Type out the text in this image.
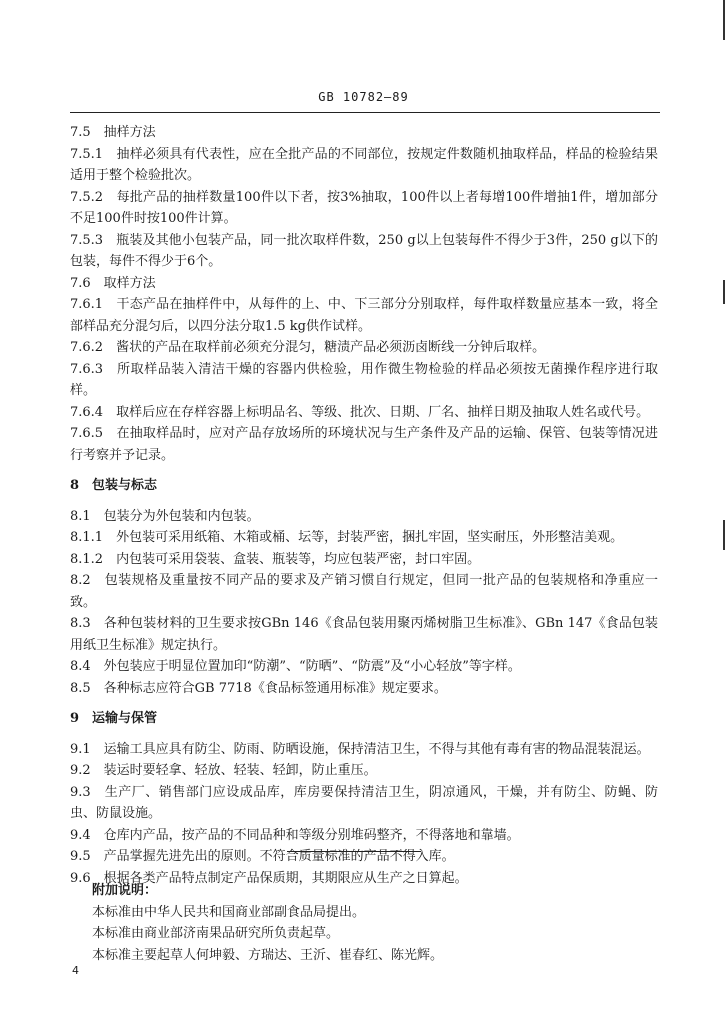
GB 10782—89

7.5　抽样方法

7.5.1　抽样必须具有代表性，应在全批产品的不同部位，按规定件数随机抽取样品，样品的检验结果适用于整个检验批次。

7.5.2　每批产品的抽样数量100件以下者，按3%抽取，100件以上者每增100件增抽1件，增加部分不足100件时按100件计算。

7.5.3　瓶装及其他小包装产品，同一批次取样件数，250 g以上包装每件不得少于3件，250 g以下的包装，每件不得少于6个。

7.6　取样方法

7.6.1　干态产品在抽样件中，从每件的上、中、下三部分分别取样，每件取样数量应基本一致，将全部样品充分混匀后，以四分法分取1.5 kg供作试样。

7.6.2　酱状的产品在取样前必须充分混匀，糖渍产品必须沥卤断线一分钟后取样。

7.6.3　所取样品装入清洁干燥的容器内供检验，用作微生物检验的样品必须按无菌操作程序进行取样。

7.6.4　取样后应在存样容器上标明品名、等级、批次、日期、厂名、抽样日期及抽取人姓名或代号。

7.6.5　在抽取样品时，应对产品存放场所的环境状况与生产条件及产品的运输、保管、包装等情况进行考察并予记录。

8　包装与标志

8.1　包装分为外包装和内包装。

8.1.1　外包装可采用纸箱、木箱或桶、坛等，封装严密，捆扎牢固，坚实耐压，外形整洁美观。

8.1.2　内包装可采用袋装、盒装、瓶装等，均应包装严密，封口牢固。

8.2　包装规格及重量按不同产品的要求及产销习惯自行规定，但同一批产品的包装规格和净重应一致。

8.3　各种包装材料的卫生要求按GBn 146《食品包装用聚丙烯树脂卫生标准》、GBn 147《食品包装用纸卫生标准》规定执行。

8.4　外包装应于明显位置加印“防潮”、“防晒”、“防震”及“小心轻放”等字样。

8.5　各种标志应符合GB 7718《食品标签通用标准》规定要求。

9　运输与保管

9.1　运输工具应具有防尘、防雨、防晒设施，保持清洁卫生，不得与其他有毒有害的物品混装混运。

9.2　装运时要轻拿、轻放、轻装、轻卸，防止重压。

9.3　生产厂、销售部门应设成品库，库房要保持清洁卫生，阴凉通风，干燥，并有防尘、防蝇、防虫、防鼠设施。

9.4　仓库内产品，按产品的不同品种和等级分别堆码整齐，不得落地和靠墙。

9.5　产品掌握先进先出的原则。不符合质量标准的产品不得入库。

9.6　根据各类产品特点制定产品保质期，其期限应从生产之日算起。

附加说明：
本标准由中华人民共和国商业部副食品局提出。
本标准由商业部济南果品研究所负责起草。
本标准主要起草人何坤毅、方瑞达、王沂、崔春红、陈光辉。
4
